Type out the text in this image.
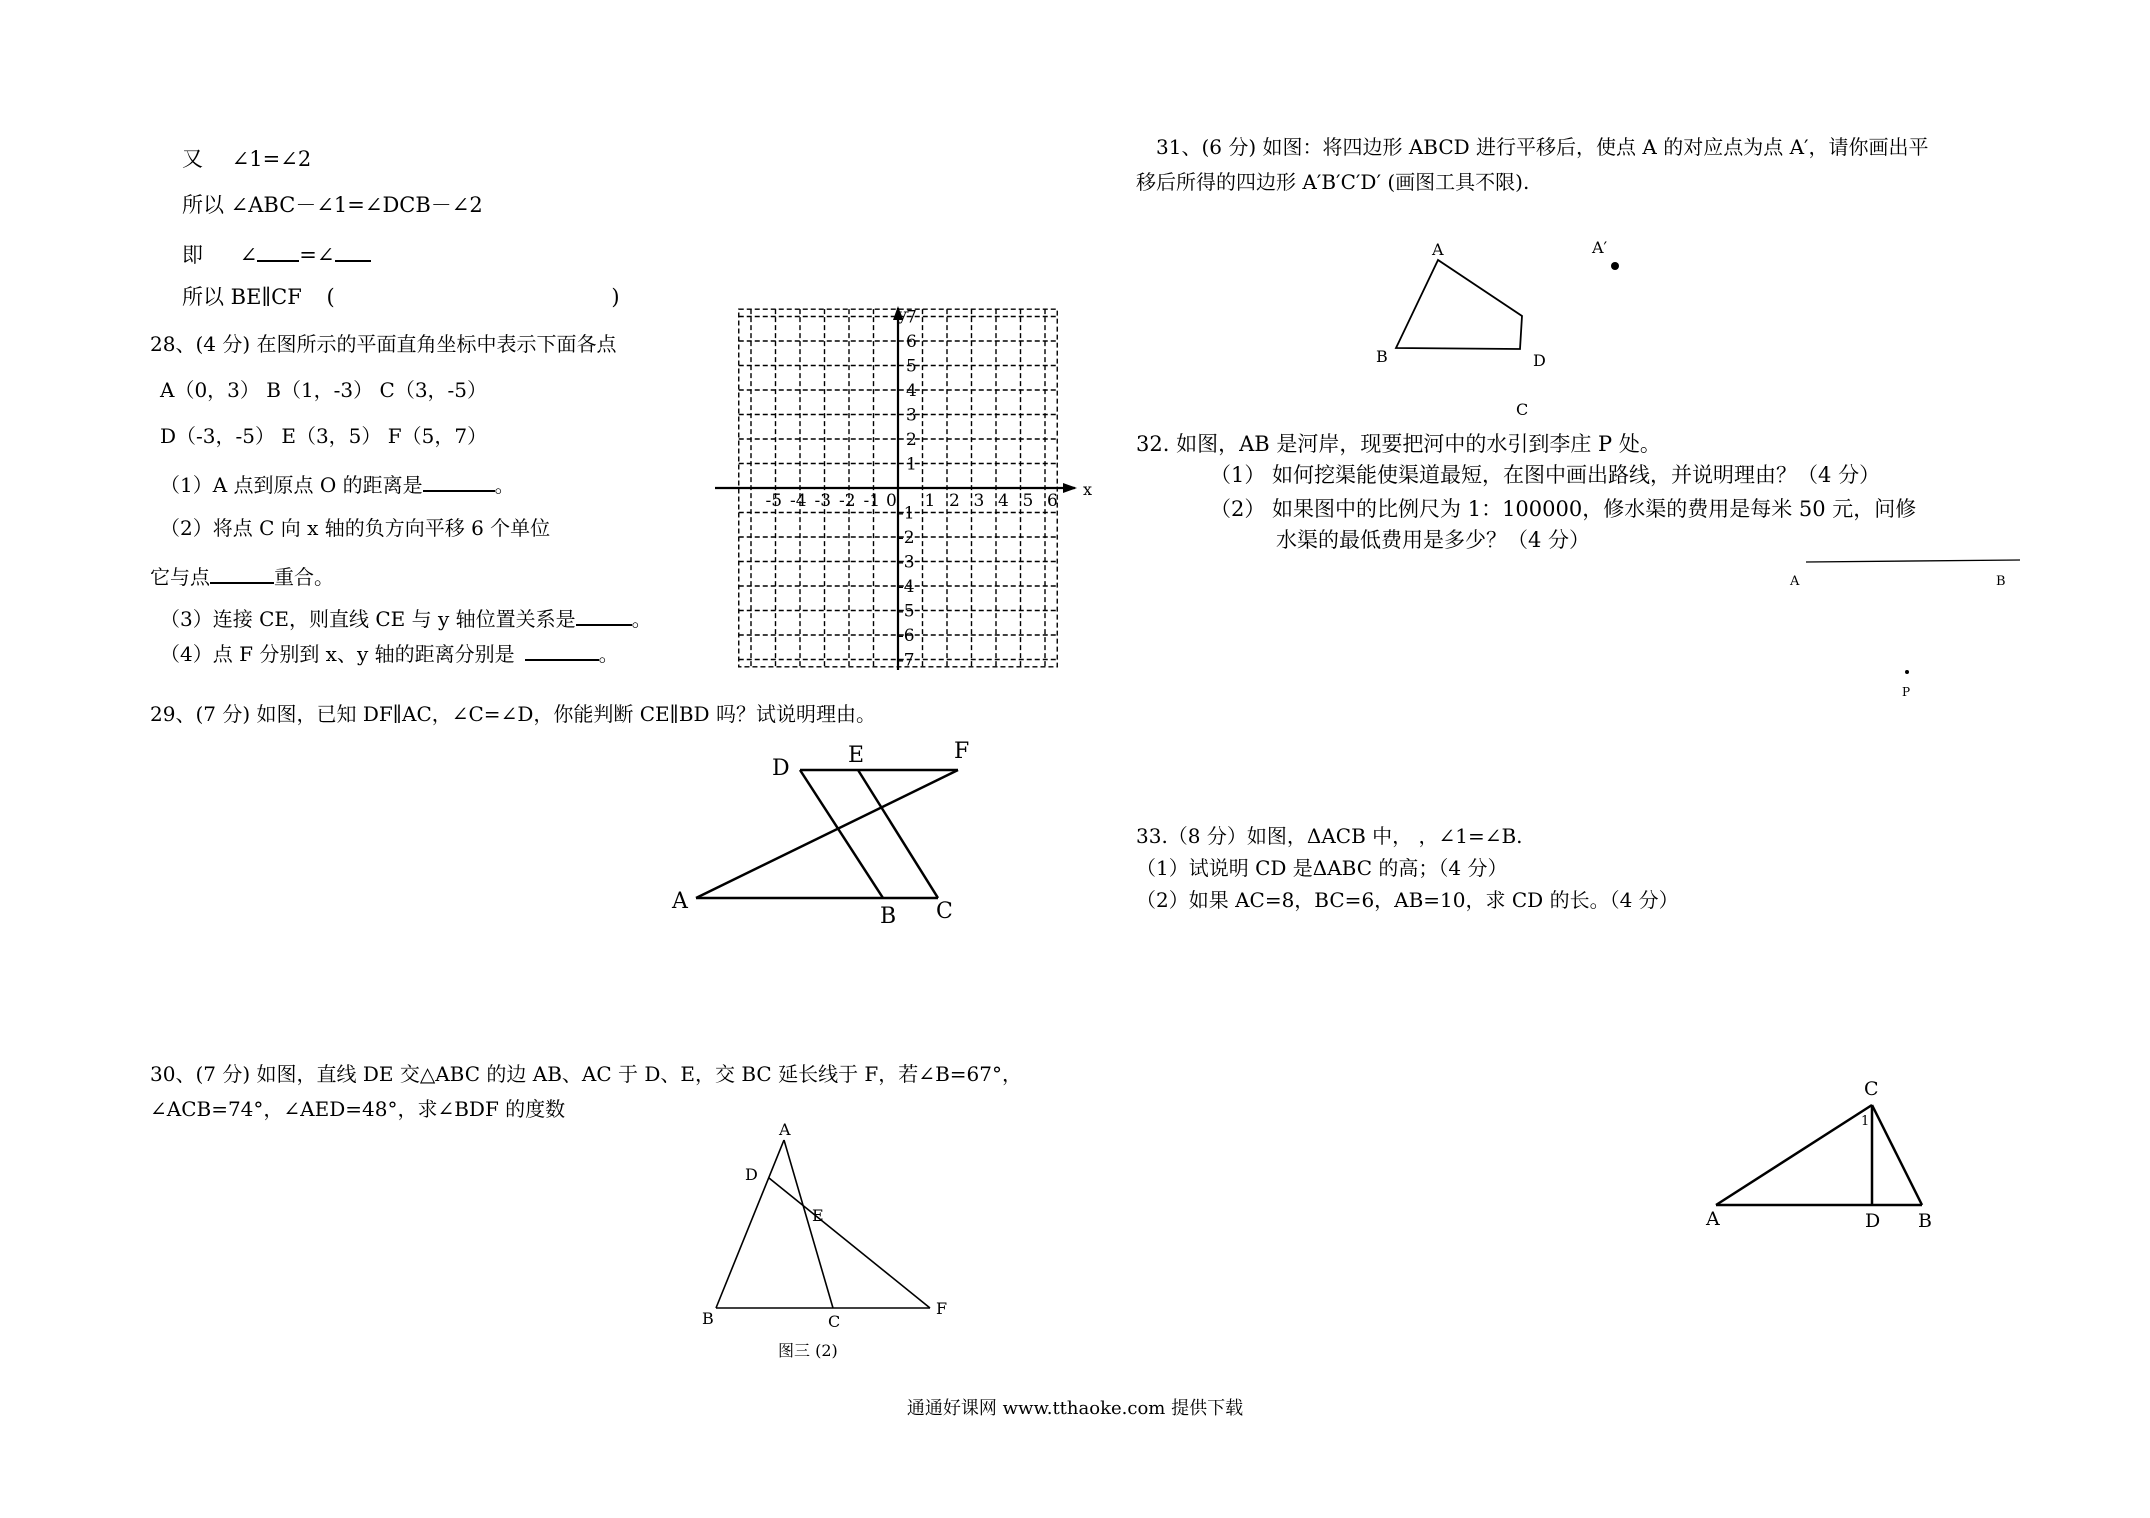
又 ∠1=∠2
所以 ∠ABC－∠1=∠DCB－∠2
即 ∠ =∠
所以 BE∥CF (	)
28、(4 分) 在图所示的平面直角坐标中表示下面各点
A（0，3） B（1，-3） C（3，-5）
D（-3，-5） E（3，5） F（5，7）
（1）A 点到原点 O 的距离是	。
（2）将点 C 向 x 轴的负方向平移 6 个单位
它与点	重合。
（3）连接 CE，则直线 CE 与 y 轴位置关系是	。
（4）点 F 分别到 x、y 轴的距离分别是	。
-5 -4 -3 -2 -1 0 1 2 3 4 5 6
7
6
5
4
3
2
1
-1
-2
-3
-4
-5
-6
-7
x
y
29、(7 分) 如图，已知 DF∥AC，∠C=∠D，你能判断 CE∥BD 吗？试说明理由。
D
E	F
A
B C
30、(7 分) 如图，直线 DE 交△ABC 的边 AB、AC 于 D、E，交 BC 延长线于 F，若∠B=67°，
∠ACB=74°，∠AED=48°，求∠BDF 的度数
A
D
E
B	C
F
图三 (2)
31、(6 分) 如图：将四边形 ABCD 进行平移后，使点 A 的对应点为点 A′，请你画出平
移后所得的四边形 A′B′C′D′ (画图工具不限).
A
B
C
D
A′
32. 如图，AB 是河岸，现要把河中的水引到李庄 P 处。
（1） 如何挖渠能使渠道最短，在图中画出路线，并说明理由？（4 分）
（2） 如果图中的比例尺为 1：100000，修水渠的费用是每米 50 元，问修
水渠的最低费用是多少？（4 分）
A	B
P
33.（8 分）如图，ΔACB 中， ，∠1=∠B.
（1）试说明 CD 是ΔABC 的高；（4 分）
（2）如果 AC=8，BC=6，AB=10，求 CD 的长。（4 分）
C
1
A	D B
通通好课网 www.tthaoke.com 提供下载
